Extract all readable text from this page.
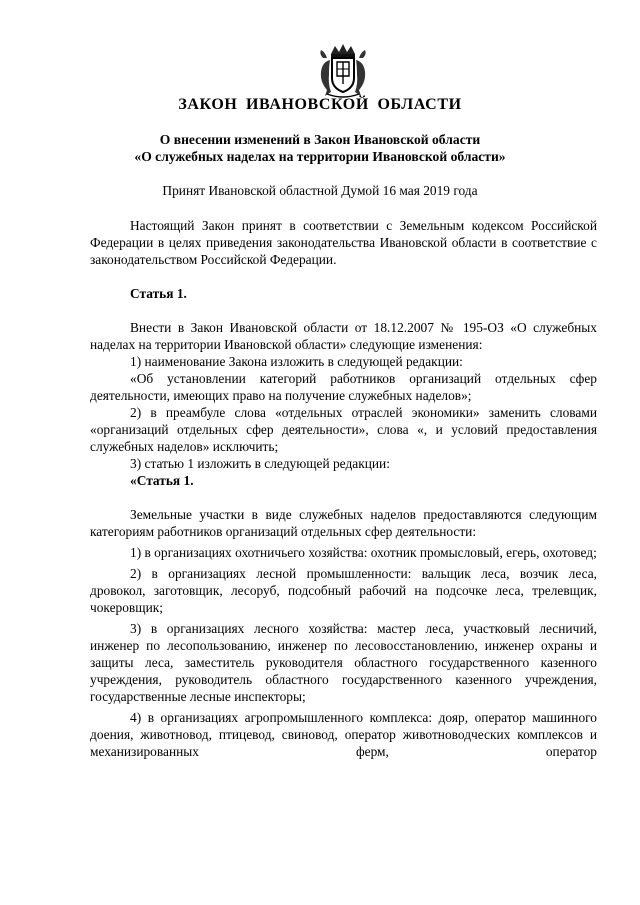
ЗАКОН ИВАНОВСКОЙ ОБЛАСТИ
О внесении изменений в Закон Ивановской области
«О служебных наделах на территории Ивановской области»
Принят Ивановской областной Думой 16 мая 2019 года

Настоящий Закон принят в соответствии с Земельным кодексом Российской Федерации в целях приведения законодательства Ивановской области в соответствие с законодательством Российской Федерации.

Статья 1.

Внести в Закон Ивановской области от 18.12.2007 № 195-ОЗ «О служебных наделах на территории Ивановской области» следующие изменения:

1) наименование Закона изложить в следующей редакции:

«Об установлении категорий работников организаций отдельных сфер деятельности, имеющих право на получение служебных наделов»;

2) в преамбуле слова «отдельных отраслей экономики» заменить словами «организаций отдельных сфер деятельности», слова «, и условий предоставления служебных наделов» исключить;

3) статью 1 изложить в следующей редакции:

«Статья 1.

Земельные участки в виде служебных наделов предоставляются следующим категориям работников организаций отдельных сфер деятельности:

1) в организациях охотничьего хозяйства: охотник промысловый, егерь, охотовед;

2) в организациях лесной промышленности: вальщик леса, возчик леса, дровокол, заготовщик, лесоруб, подсобный рабочий на подсочке леса, трелевщик, чокеровщик;

3) в организациях лесного хозяйства: мастер леса, участковый лесничий, инженер по лесопользованию, инженер по лесовосстановлению, инженер охраны и защиты леса, заместитель руководителя областного государственного казенного учреждения, руководитель областного государственного казенного учреждения, государственные лесные инспекторы;

4) в организациях агропромышленного комплекса: дояр, оператор машинного доения, животновод, птицевод, свиновод, оператор животноводческих комплексов и механизированных ферм, оператор
